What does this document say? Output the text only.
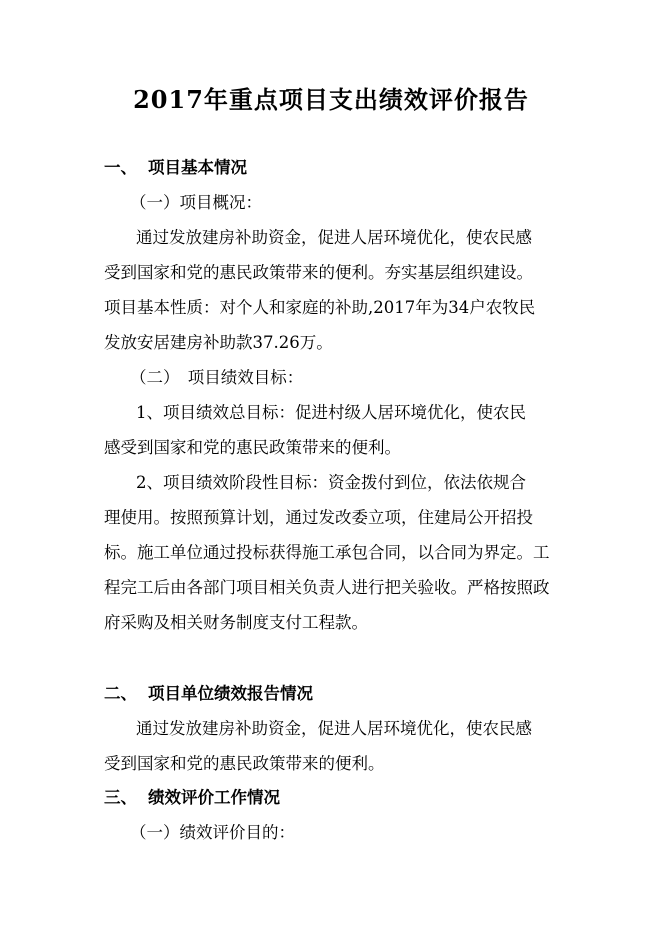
2017年重点项目支出绩效评价报告

一、 项目基本情况

（一）项目概况：

通过发放建房补助资金，促进人居环境优化，使农民感

受到国家和党的惠民政策带来的便利。夯实基层组织建设。

项目基本性质：对个人和家庭的补助,2017年为34户农牧民

发放安居建房补助款37.26万。

（二）　项目绩效目标：

1、项目绩效总目标：促进村级人居环境优化，使农民

感受到国家和党的惠民政策带来的便利。

2、项目绩效阶段性目标：资金拨付到位，依法依规合

理使用。按照预算计划，通过发改委立项，住建局公开招投

标。施工单位通过投标获得施工承包合同，以合同为界定。工

程完工后由各部门项目相关负责人进行把关验收。严格按照政

府采购及相关财务制度支付工程款。

二、 项目单位绩效报告情况

通过发放建房补助资金，促进人居环境优化，使农民感

受到国家和党的惠民政策带来的便利。

三、 绩效评价工作情况

（一）绩效评价目的：
